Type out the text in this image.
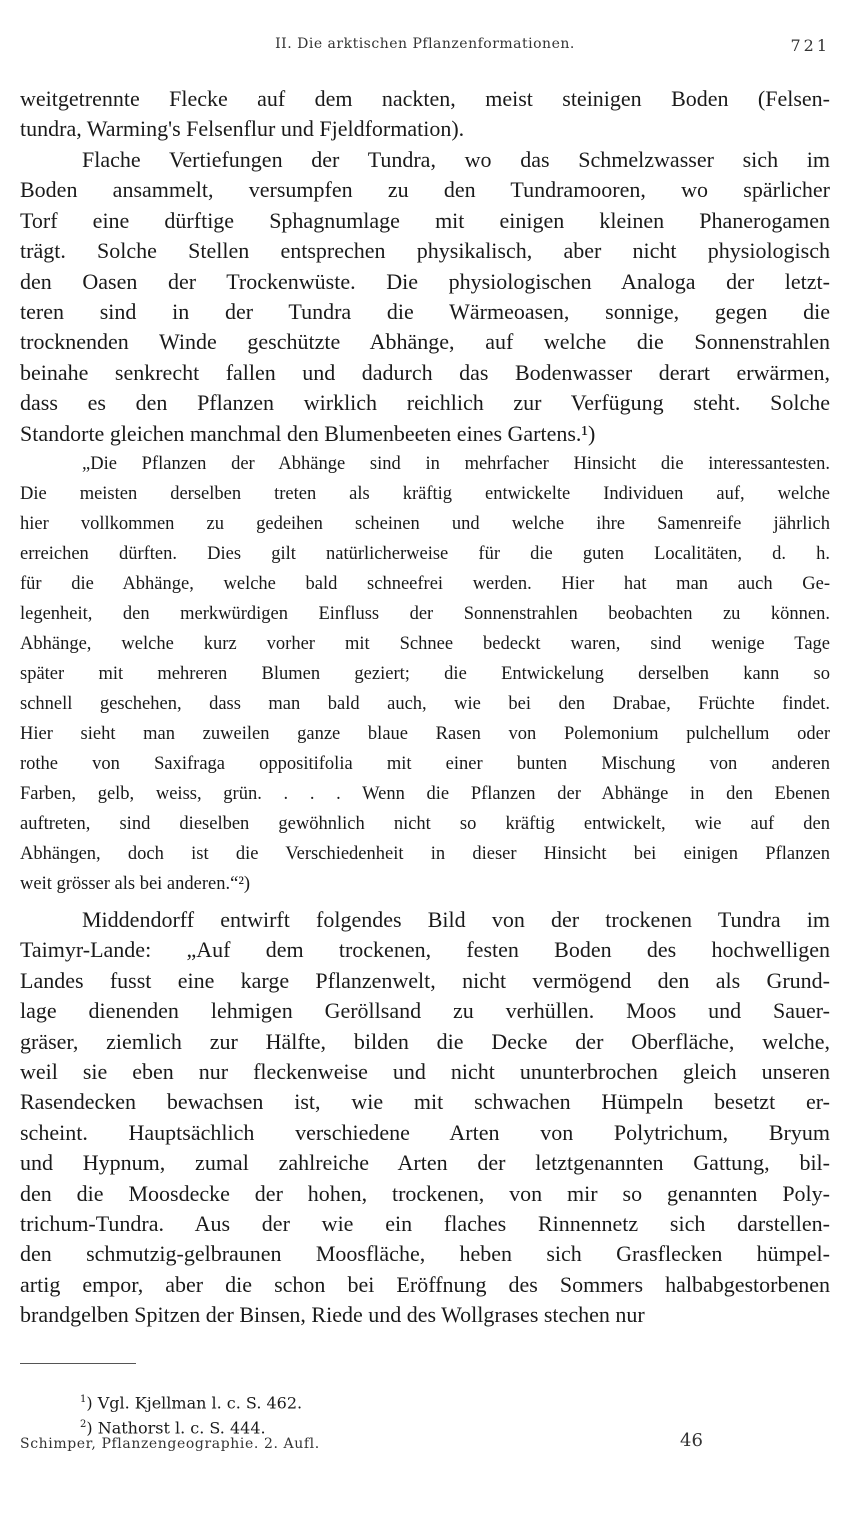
II. Die arktischen Pflanzenformationen.	721
weitgetrennte Flecke auf dem nackten, meist steinigen Boden (Felsen-
tundra, Warming's Felsenflur und Fjeldformation).
Flache Vertiefungen der Tundra, wo das Schmelzwasser sich im
Boden ansammelt, versumpfen zu den Tundramooren, wo spärlicher
Torf eine dürftige Sphagnumlage mit einigen kleinen Phanerogamen
trägt. Solche Stellen entsprechen physikalisch, aber nicht physiologisch
den Oasen der Trockenwüste. Die physiologischen Analoga der letzt-
teren sind in der Tundra die Wärmeoasen, sonnige, gegen die
trocknenden Winde geschützte Abhänge, auf welche die Sonnenstrahlen
beinahe senkrecht fallen und dadurch das Bodenwasser derart erwärmen,
dass es den Pflanzen wirklich reichlich zur Verfügung steht. Solche
Standorte gleichen manchmal den Blumenbeeten eines Gartens.¹)
„Die Pflanzen der Abhänge sind in mehrfacher Hinsicht die interessantesten.
Die meisten derselben treten als kräftig entwickelte Individuen auf, welche
hier vollkommen zu gedeihen scheinen und welche ihre Samenreife jährlich
erreichen dürften. Dies gilt natürlicherweise für die guten Localitäten, d. h.
für die Abhänge, welche bald schneefrei werden. Hier hat man auch Ge-
legenheit, den merkwürdigen Einfluss der Sonnenstrahlen beobachten zu können.
Abhänge, welche kurz vorher mit Schnee bedeckt waren, sind wenige Tage
später mit mehreren Blumen geziert; die Entwickelung derselben kann so
schnell geschehen, dass man bald auch, wie bei den Drabae, Früchte findet.
Hier sieht man zuweilen ganze blaue Rasen von Polemonium pulchellum oder
rothe von Saxifraga oppositifolia mit einer bunten Mischung von anderen
Farben, gelb, weiss, grün. . . . Wenn die Pflanzen der Abhänge in den Ebenen
auftreten, sind dieselben gewöhnlich nicht so kräftig entwickelt, wie auf den
Abhängen, doch ist die Verschiedenheit in dieser Hinsicht bei einigen Pflanzen
weit grösser als bei anderen.“²)
Middendorff entwirft folgendes Bild von der trockenen Tundra im
Taimyr-Lande: „Auf dem trockenen, festen Boden des hochwelligen
Landes fusst eine karge Pflanzenwelt, nicht vermögend den als Grund-
lage dienenden lehmigen Geröllsand zu verhüllen. Moos und Sauer-
gräser, ziemlich zur Hälfte, bilden die Decke der Oberfläche, welche,
weil sie eben nur fleckenweise und nicht ununterbrochen gleich unseren
Rasendecken bewachsen ist, wie mit schwachen Hümpeln besetzt er-
scheint. Hauptsächlich verschiedene Arten von Polytrichum, Bryum
und Hypnum, zumal zahlreiche Arten der letztgenannten Gattung, bil-
den die Moosdecke der hohen, trockenen, von mir so genannten Poly-
trichum-Tundra. Aus der wie ein flaches Rinnennetz sich darstellen-
den schmutzig-gelbraunen Moosfläche, heben sich Grasflecken hümpel-
artig empor, aber die schon bei Eröffnung des Sommers halbabgestorbenen
brandgelben Spitzen der Binsen, Riede und des Wollgrases stechen nur
$^1$) Vgl. Kjellman l. c. S. 462.
$^2$) Nathorst l. c. S. 444.
Schimper, Pflanzengeographie. 2. Aufl.	46
